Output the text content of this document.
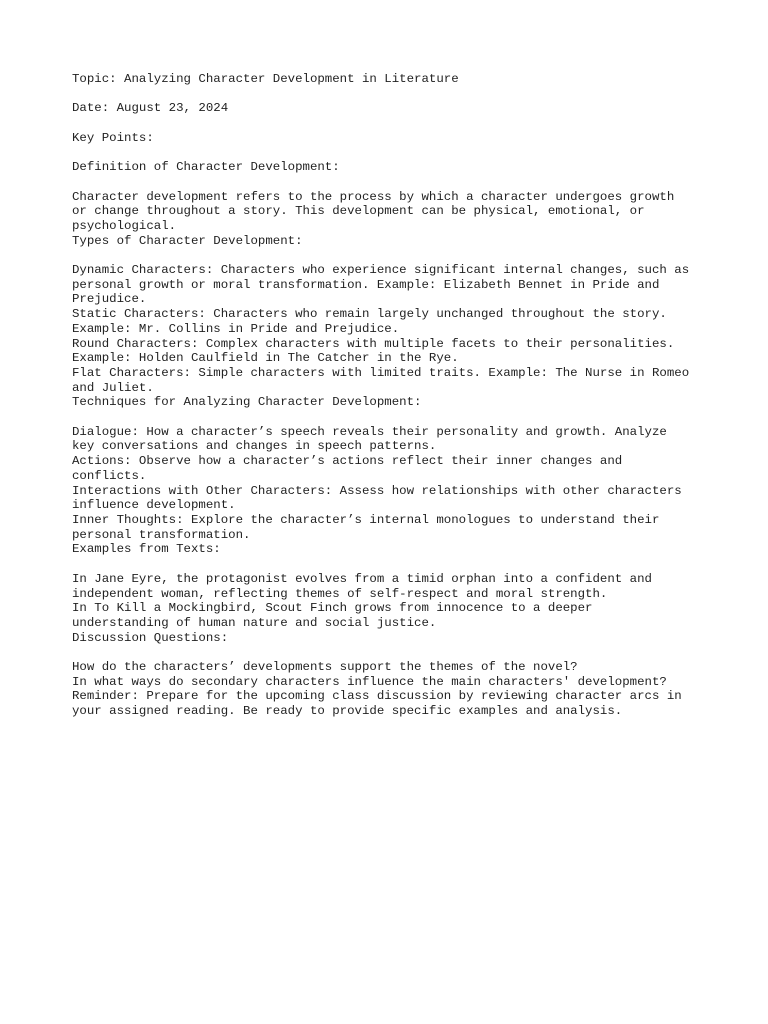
Topic: Analyzing Character Development in Literature
Date: August 23, 2024
Key Points:
Definition of Character Development:
Character development refers to the process by which a character undergoes growth
or change throughout a story. This development can be physical, emotional, or
psychological.
Types of Character Development:
Dynamic Characters: Characters who experience significant internal changes, such as
personal growth or moral transformation. Example: Elizabeth Bennet in Pride and
Prejudice.
Static Characters: Characters who remain largely unchanged throughout the story.
Example: Mr. Collins in Pride and Prejudice.
Round Characters: Complex characters with multiple facets to their personalities.
Example: Holden Caulfield in The Catcher in the Rye.
Flat Characters: Simple characters with limited traits. Example: The Nurse in Romeo
and Juliet.
Techniques for Analyzing Character Development:
Dialogue: How a character’s speech reveals their personality and growth. Analyze
key conversations and changes in speech patterns.
Actions: Observe how a character’s actions reflect their inner changes and
conflicts.
Interactions with Other Characters: Assess how relationships with other characters
influence development.
Inner Thoughts: Explore the character’s internal monologues to understand their
personal transformation.
Examples from Texts:
In Jane Eyre, the protagonist evolves from a timid orphan into a confident and
independent woman, reflecting themes of self-respect and moral strength.
In To Kill a Mockingbird, Scout Finch grows from innocence to a deeper
understanding of human nature and social justice.
Discussion Questions:
How do the characters’ developments support the themes of the novel?
In what ways do secondary characters influence the main characters' development?
Reminder: Prepare for the upcoming class discussion by reviewing character arcs in
your assigned reading. Be ready to provide specific examples and analysis.
